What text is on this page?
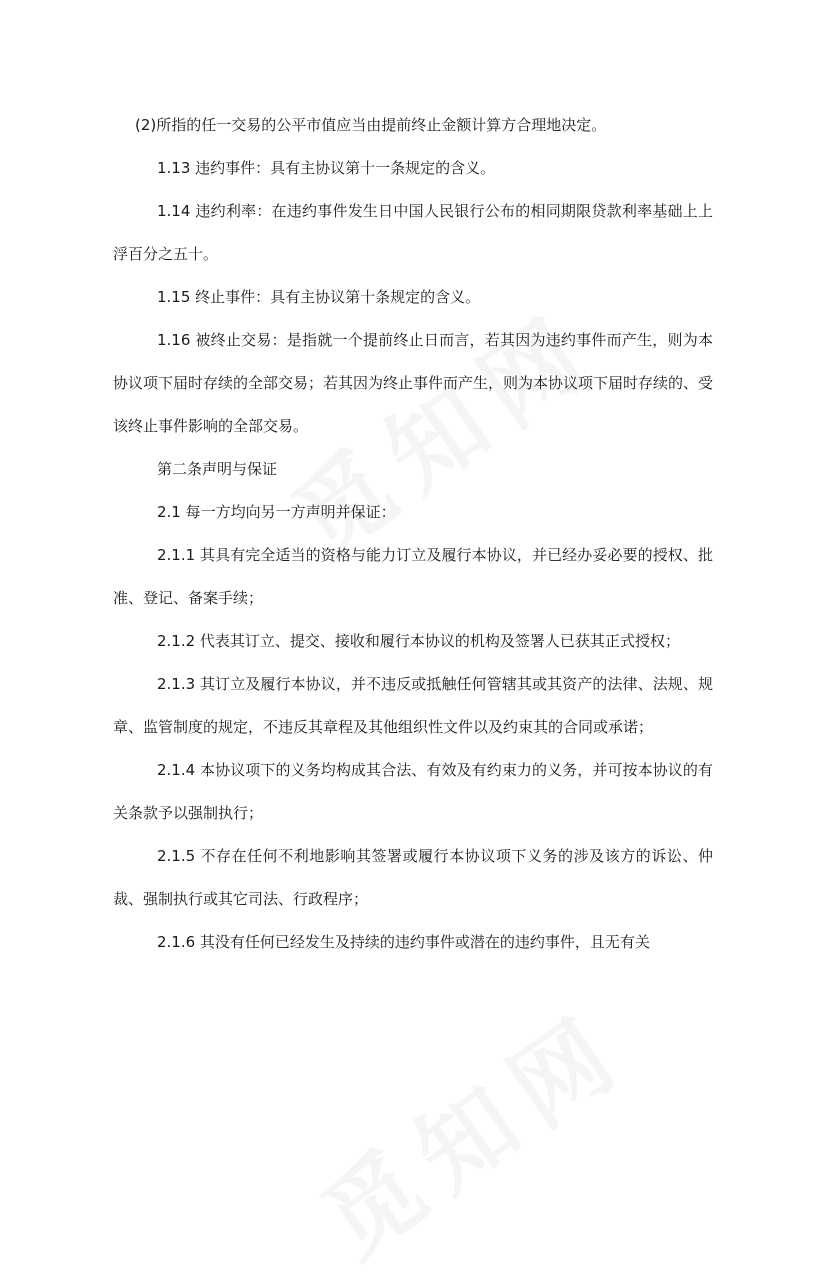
(2)所指的任一交易的公平市值应当由提前终止金额计算方合理地决定。

1.13 违约事件：具有主协议第十一条规定的含义。

1.14 违约利率：在违约事件发生日中国人民银行公布的相同期限贷款利率基础上上浮百分之五十。

1.15 终止事件：具有主协议第十条规定的含义。

1.16 被终止交易：是指就一个提前终止日而言，若其因为违约事件而产生，则为本协议项下届时存续的全部交易；若其因为终止事件而产生，则为本协议项下届时存续的、受该终止事件影响的全部交易。

第二条声明与保证

2.1 每一方均向另一方声明并保证：

2.1.1 其具有完全适当的资格与能力订立及履行本协议，并已经办妥必要的授权、批准、登记、备案手续；

2.1.2 代表其订立、提交、接收和履行本协议的机构及签署人已获其正式授权；

2.1.3 其订立及履行本协议，并不违反或抵触任何管辖其或其资产的法律、法规、规章、监管制度的规定，不违反其章程及其他组织性文件以及约束其的合同或承诺；

2.1.4 本协议项下的义务均构成其合法、有效及有约束力的义务，并可按本协议的有关条款予以强制执行；

2.1.5 不存在任何不利地影响其签署或履行本协议项下义务的涉及该方的诉讼、仲裁、强制执行或其它司法、行政程序；

2.1.6 其没有任何已经发生及持续的违约事件或潜在的违约事件，且无有关
